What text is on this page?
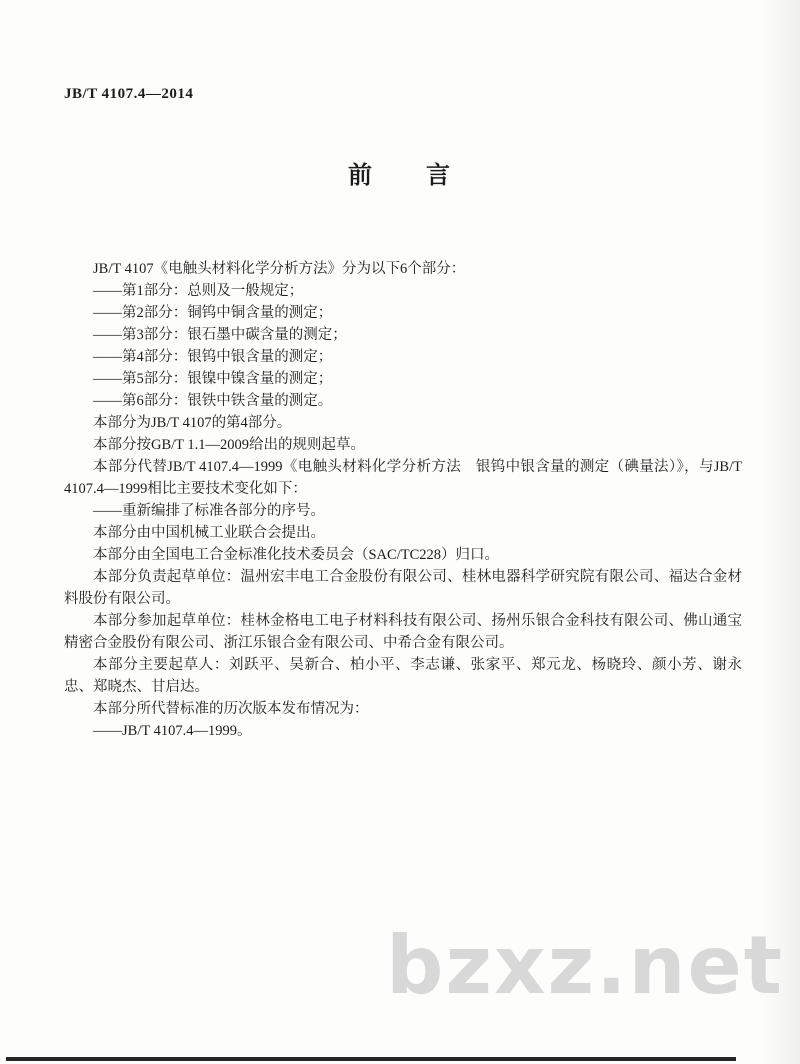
JB/T 4107.4—2014
前　　言

JB/T 4107《电触头材料化学分析方法》分为以下6个部分：

——第1部分：总则及一般规定；

——第2部分：铜钨中铜含量的测定；

——第3部分：银石墨中碳含量的测定；

——第4部分：银钨中银含量的测定；

——第5部分：银镍中镍含量的测定；

——第6部分：银铁中铁含量的测定。

本部分为JB/T 4107的第4部分。

本部分按GB/T 1.1—2009给出的规则起草。

本部分代替JB/T 4107.4—1999《电触头材料化学分析方法　银钨中银含量的测定（碘量法）》，与JB/T 4107.4—1999相比主要技术变化如下：

——重新编排了标准各部分的序号。

本部分由中国机械工业联合会提出。

本部分由全国电工合金标准化技术委员会（SAC/TC228）归口。

本部分负责起草单位：温州宏丰电工合金股份有限公司、桂林电器科学研究院有限公司、福达合金材料股份有限公司。

本部分参加起草单位：桂林金格电工电子材料科技有限公司、扬州乐银合金科技有限公司、佛山通宝精密合金股份有限公司、浙江乐银合金有限公司、中希合金有限公司。

本部分主要起草人：刘跃平、吴新合、柏小平、李志谦、张家平、郑元龙、杨晓玲、颜小芳、谢永忠、郑晓杰、甘启达。

本部分所代替标准的历次版本发布情况为：

——JB/T 4107.4—1999。

bzxz.net
